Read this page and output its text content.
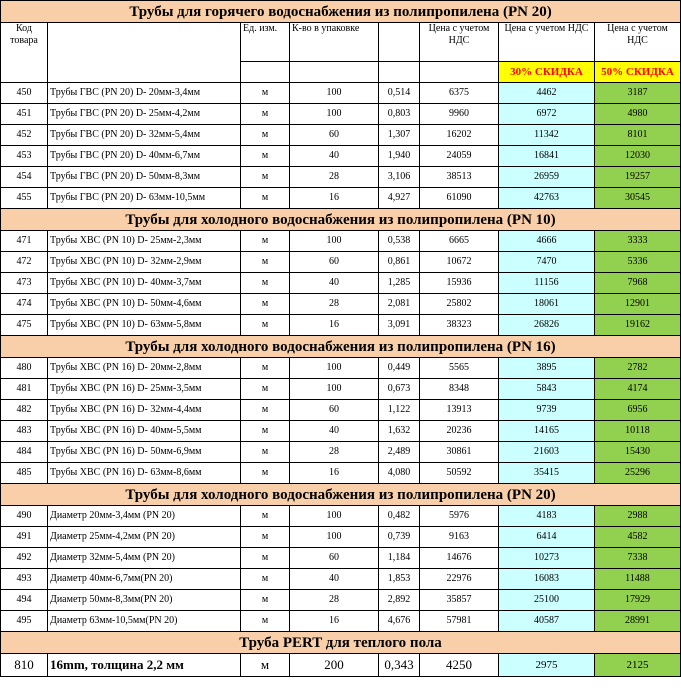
Трубы для горячего водоснабжения из полипропилена (PN 20)							
Код товара		Ед. изм.	К-во в упаковке		Цена с учетом НДС	Цена с учетом НДС	Цена с учетом НДС
						30% СКИДКА	50% СКИДКА
450	Трубы ГВС (PN 20) D- 20мм-3,4мм	м	100	0,514	6375	4462	3187
451	Трубы ГВС (PN 20) D- 25мм-4,2мм	м	100	0,803	9960	6972	4980
452	Трубы ГВС (PN 20) D- 32мм-5,4мм	м	60	1,307	16202	11342	8101
453	Трубы ГВС (PN 20) D- 40мм-6,7мм	м	40	1,940	24059	16841	12030
454	Трубы ГВС (PN 20) D- 50мм-8,3мм	м	28	3,106	38513	26959	19257
455	Трубы ГВС (PN 20) D- 63мм-10,5мм	м	16	4,927	61090	42763	30545
Трубы для холодного водоснабжения из полипропилена (PN 10)							
471	Трубы ХВС (PN 10) D- 25мм-2,3мм	м	100	0,538	6665	4666	3333
472	Трубы ХВС (PN 10) D- 32мм-2,9мм	м	60	0,861	10672	7470	5336
473	Трубы ХВС (PN 10) D- 40мм-3,7мм	м	40	1,285	15936	11156	7968
474	Трубы ХВС (PN 10) D- 50мм-4,6мм	м	28	2,081	25802	18061	12901
475	Трубы ХВС (PN 10) D- 63мм-5,8мм	м	16	3,091	38323	26826	19162
Трубы для холодного водоснабжения из полипропилена (PN 16)							
480	Трубы ХВС (PN 16) D- 20мм-2,8мм	м	100	0,449	5565	3895	2782
481	Трубы ХВС (PN 16) D- 25мм-3,5мм	м	100	0,673	8348	5843	4174
482	Трубы ХВС (PN 16) D- 32мм-4,4мм	м	60	1,122	13913	9739	6956
483	Трубы ХВС (PN 16) D- 40мм-5,5мм	м	40	1,632	20236	14165	10118
484	Трубы ХВС (PN 16) D- 50мм-6,9мм	м	28	2,489	30861	21603	15430
485	Трубы ХВС (PN 16) D- 63мм-8,6мм	м	16	4,080	50592	35415	25296
Трубы для холодного водоснабжения из полипропилена (PN 20)							
490	Диаметр 20мм-3,4мм (PN 20)	м	100	0,482	5976	4183	2988
491	Диаметр 25мм-4,2мм (PN 20)	м	100	0,739	9163	6414	4582
492	Диаметр 32мм-5,4мм (PN 20)	м	60	1,184	14676	10273	7338
493	Диаметр 40мм-6,7мм(PN 20)	м	40	1,853	22976	16083	11488
494	Диаметр 50мм-8,3мм(PN 20)	м	28	2,892	35857	25100	17929
495	Диаметр 63мм-10,5мм(PN 20)	м	16	4,676	57981	40587	28991
Труба PERT для теплого пола							
810	16mm, толщина 2,2 мм	м	200	0,343	4250	2975	2125
